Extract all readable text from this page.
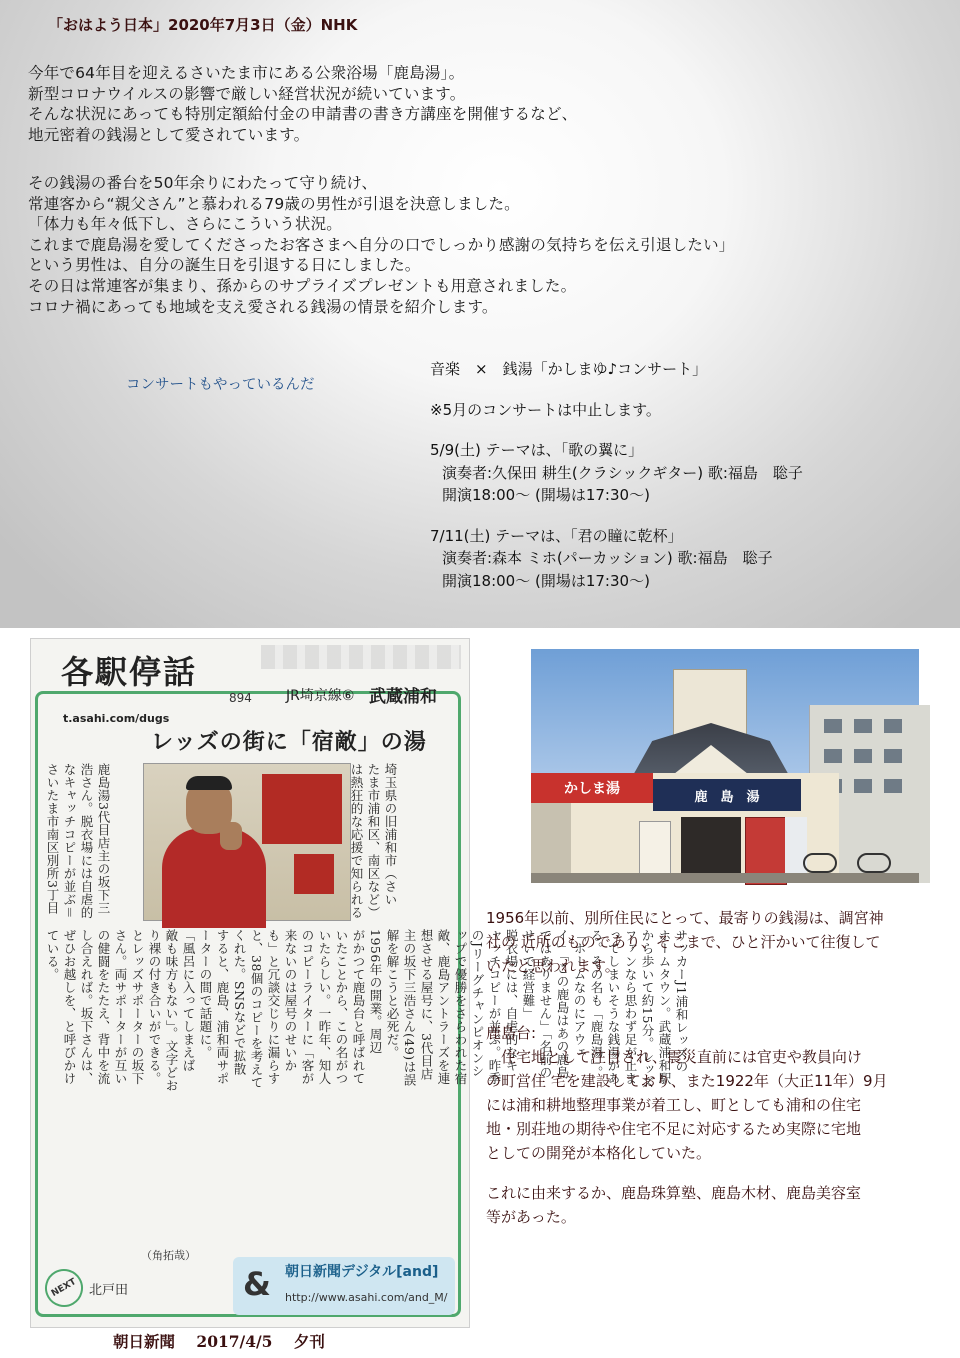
「おはよう日本」2020年7月3日（金）NHK
今年で64年目を迎えるさいたま市にある公衆浴場「鹿島湯」。
新型コロナウイルスの影響で厳しい経営状況が続いています。
そんな状況にあっても特別定額給付金の申請書の書き方講座を開催するなど、
地元密着の銭湯として愛されています。
その銭湯の番台を50年余りにわたって守り続け、
常連客から“親父さん”と慕われる79歳の男性が引退を決意しました。
「体力も年々低下し、さらにこういう状況。
これまで鹿島湯を愛してくださったお客さまへ自分の口でしっかり感謝の気持ちを伝え引退したい」
という男性は、自分の誕生日を引退する日にしました。
その日は常連客が集まり、孫からのサプライズプレゼントも用意されました。
コロナ禍にあっても地域を支え愛される銭湯の情景を紹介します。
コンサートもやっているんだ
音楽　×　銭湯「かしまゆ♪コンサート」
※5月のコンサートは中止します。
5/9(土) テーマは、「歌の翼に」
演奏者:久保田 耕生(クラシックギター) 歌:福島　聡子
開演18:00～ (開場は17:30～)
7/11(土) テーマは、「君の瞳に乾杯」
演奏者:森本 ミホ(パーカッション) 歌:福島　聡子
開演18:00～ (開場は17:30～)
各駅停話
894 JR埼京線⑥ 武蔵浦和
t.asahi.com/dugs
レッズの街に「宿敵」の湯
埼玉県の旧浦和市（さい
たま市浦和区、南区など）
は熱狂的な応援で知られる
鹿島湯3代目店主の坂下三
浩さん。脱衣場には自虐的
なキャッチコピーが並ぶ＝
さいたま市南区別所3丁目
サッカーJ1浦和レッズの
ホームタウン。武蔵浦和駅
から歩いて約15分。レッズ
ファンなら思わず足が止ま
ってしまいそうな銭湯があ
る。その名も「鹿島湯」。
「ホームなのにアウェ
イ」「この鹿島はあの鹿島
ではありません」「名前の
せいで経営難」
脱衣場には、自虐的なキ
ャッチコピーが並ぶ。昨季
のJリーグチャンピオンシ
ップで優勝をさらわれた宿
敵、鹿島アントラーズを連
想させる屋号に、3代目店
主の坂下三浩さん(49)は誤
解を解こうと必死だ。
1956年の開業。周辺
がかつて鹿島台と呼ばれて
いたことから、この名がつ
いたらしい。一昨年、知人
のコピーライターに「客が
来ないのは屋号のせいか
も」と冗談交じりに漏らす
と、38個のコピーを考えて
くれた。SNSなどで拡散
すると、鹿島、浦和両サポ
ーターの間で話題に。
「風呂に入ってしまえば
敵も味方もない」。文字どお
り裸の付き合いができる。
とレッズサポーターの坂下
さん。両サポーターが互い
の健闘をたたえ、背中を流
し合えれば。坂下さんは、
ぜひお越しを、と呼びかけ
ている。
（角拓哉）
NEXT 北戸田	& 朝日新聞デジタル[and]
http://www.asahi.com/and_M/
朝日新聞 2017/4/5 夕刊
かしま湯	鹿　島　湯
1956年以前、別所住民にとって、最寄りの銭湯は、調宮神
社の 近所のものであり、そこまで、ひと汗かいて往復して
いたと思われます。
鹿島台:
　住宅地として注目され、震災直前には官吏や教員向け
の町営住 宅を建設しており、また1922年（大正11年）9月
には浦和耕地整理事業が着工し、町としても浦和の住宅
地・別荘地の期待や住宅不足に対応するため実際に宅地
としての開発が本格化していた。
これに由来するか、鹿島珠算塾、鹿島木材、鹿島美容室
等があった。
